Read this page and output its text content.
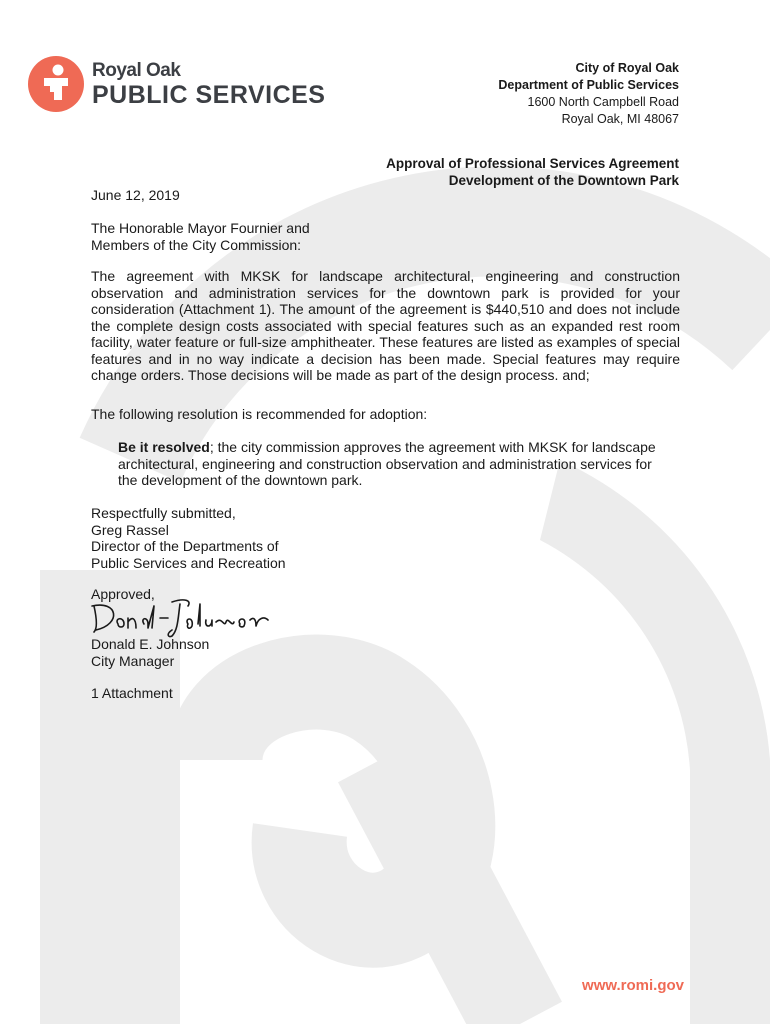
Royal Oak
PUBLIC SERVICES
City of Royal Oak
Department of Public Services
1600 North Campbell Road
Royal Oak, MI 48067
Approval of Professional Services Agreement
Development of the Downtown Park
June 12, 2019
The Honorable Mayor Fournier and
Members of the City Commission:
The agreement with MKSK for landscape architectural, engineering and construction observation and administration services for the downtown park is provided for your consideration (Attachment 1). The amount of the agreement is $440,510 and does not include the complete design costs associated with special features such as an expanded rest room facility, water feature or full-size amphitheater. These features are listed as examples of special features and in no way indicate a decision has been made. Special features may require change orders. Those decisions will be made as part of the design process. and;
The following resolution is recommended for adoption:
Be it resolved; the city commission approves the agreement with MKSK for landscape architectural, engineering and construction observation and administration services for the development of the downtown park.
Respectfully submitted,
Greg Rassel
Director of the Departments of
Public Services and Recreation
Approved,
Donald E. Johnson
City Manager
1 Attachment
www.romi.gov
